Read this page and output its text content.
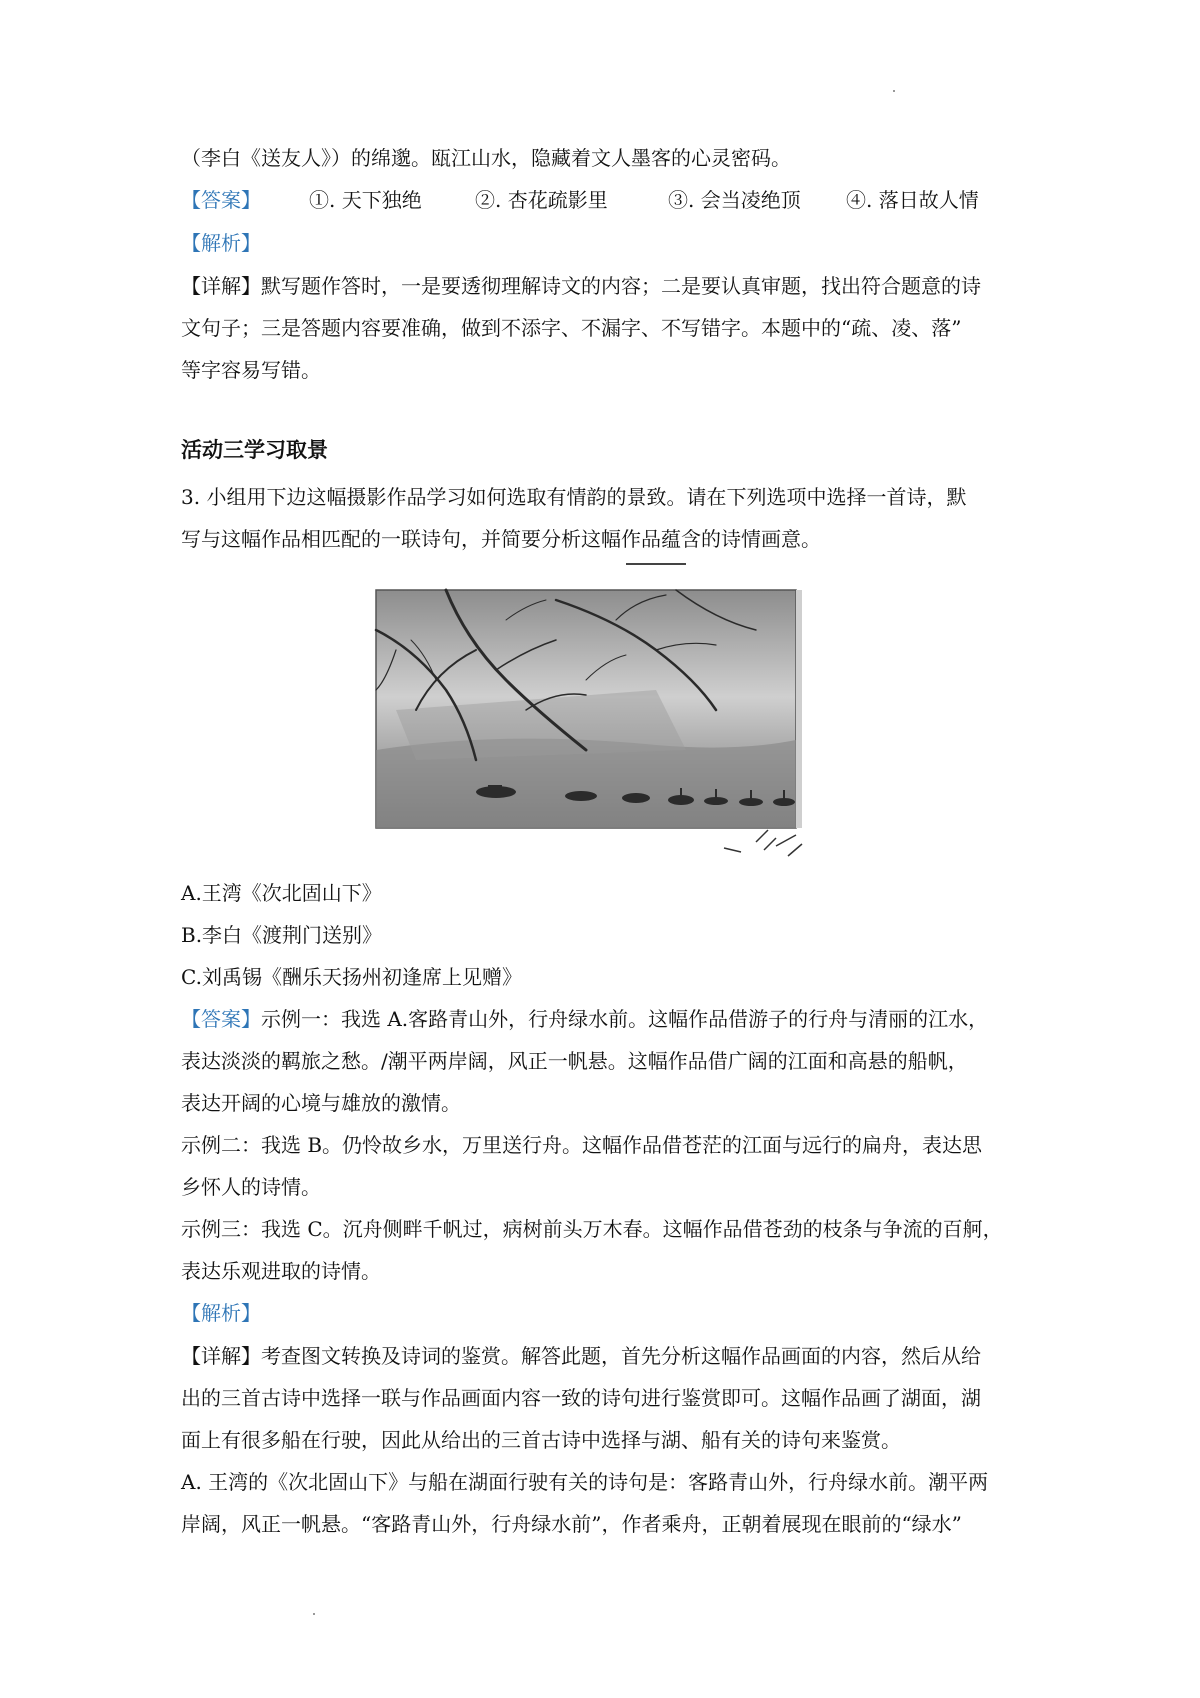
（李白《送友人》）的绵邈。瓯江山水，隐藏着文人墨客的心灵密码。
【答案】 ①. 天下独绝	②. 杏花疏影里	③. 会当凌绝顶 ④. 落日故人情
【解析】
【详解】默写题作答时，一是要透彻理解诗文的内容；二是要认真审题，找出符合题意的诗
文句子；三是答题内容要准确，做到不添字、不漏字、不写错字。本题中的“疏、凌、落”
等字容易写错。
活动三学习取景
3. 小组用下边这幅摄影作品学习如何选取有情韵的景致。请在下列选项中选择一首诗，默
写与这幅作品相匹配的一联诗句，并简要分析这幅作品蕴含的诗情画意。
A.王湾《次北固山下》
B.李白《渡荆门送别》
C.刘禹锡《酬乐天扬州初逢席上见赠》
【答案】示例一：我选 A.客路青山外，行舟绿水前。这幅作品借游子的行舟与清丽的江水，
表达淡淡的羁旅之愁。/潮平两岸阔，风正一帆悬。这幅作品借广阔的江面和高悬的船帆，
表达开阔的心境与雄放的激情。
示例二：我选 B。仍怜故乡水，万里送行舟。这幅作品借苍茫的江面与远行的扁舟，表达思
乡怀人的诗情。
示例三：我选 C。沉舟侧畔千帆过，病树前头万木春。这幅作品借苍劲的枝条与争流的百舸，
表达乐观进取的诗情。
【解析】
【详解】考查图文转换及诗词的鉴赏。解答此题，首先分析这幅作品画面的内容，然后从给
出的三首古诗中选择一联与作品画面内容一致的诗句进行鉴赏即可。这幅作品画了湖面，湖
面上有很多船在行驶，因此从给出的三首古诗中选择与湖、船有关的诗句来鉴赏。
A. 王湾的《次北固山下》与船在湖面行驶有关的诗句是：客路青山外，行舟绿水前。潮平两
岸阔，风正一帆悬。“客路青山外，行舟绿水前”，作者乘舟，正朝着展现在眼前的“绿水”
